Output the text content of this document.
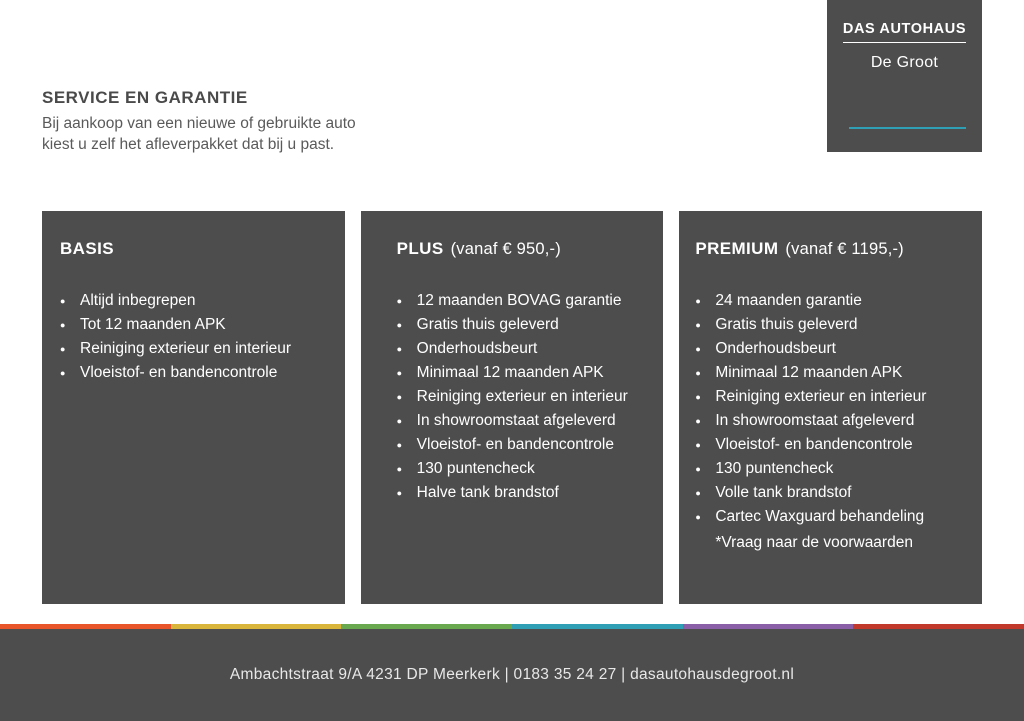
DAS AUTOHAUS
De Groot
SERVICE EN GARANTIE

Bij aankoop van een nieuwe of gebruikte auto
kiest u zelf het afleverpakket dat bij u past.

BASIS
● Altijd inbegrepen
● Tot 12 maanden APK
● Reiniging exterieur en interieur
● Vloeistof- en bandencontrole
PLUS (vanaf € 950,-)
● 12 maanden BOVAG garantie
● Gratis thuis geleverd
● Onderhoudsbeurt
● Minimaal 12 maanden APK
● Reiniging exterieur en interieur
● In showroomstaat afgeleverd
● Vloeistof- en bandencontrole
● 130 puntencheck
● Halve tank brandstof
PREMIUM (vanaf € 1195,-)
● 24 maanden garantie
● Gratis thuis geleverd
● Onderhoudsbeurt
● Minimaal 12 maanden APK
● Reiniging exterieur en interieur
● In showroomstaat afgeleverd
● Vloeistof- en bandencontrole
● 130 puntencheck
● Volle tank brandstof
● Cartec Waxguard behandeling
*Vraag naar de voorwaarden
Ambachtstraat 9/A 4231 DP Meerkerk | 0183 35 24 27 | dasautohausdegroot.nl
